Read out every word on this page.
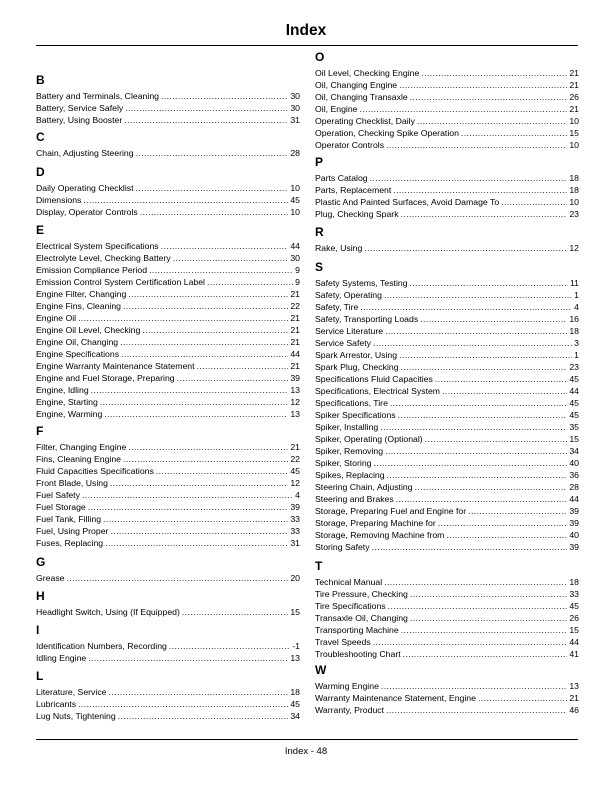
Index
B
Battery and Terminals, Cleaning .....	30
Battery, Service Safely .....	30
Battery, Using Booster .....	31
C
Chain, Adjusting Steering .....	28
D
Daily Operating Checklist .....	10
Dimensions .....	45
Display, Operator Controls .....	10
E
Electrical System Specifications .....	44
Electrolyte Level, Checking Battery .....	30
Emission Compliance Period .....	9
Emission Control System Certification Label .....	9
Engine Filter, Changing .....	21
Engine Fins, Cleaning .....	22
Engine Oil .....	21
Engine Oil Level, Checking .....	21
Engine Oil, Changing .....	21
Engine Specifications .....	44
Engine Warranty Maintenance Statement .....	21
Engine and Fuel Storage, Preparing .....	39
Engine, Idling .....	13
Engine, Starting .....	12
Engine, Warming .....	13
F
Filter, Changing Engine .....	21
Fins, Cleaning Engine .....	22
Fluid Capacities Specifications .....	45
Front Blade, Using .....	12
Fuel Safety .....	4
Fuel Storage .....	39
Fuel Tank, Filling .....	33
Fuel, Using Proper .....	33
Fuses, Replacing .....	31
G
Grease .....	20
H
Headlight Switch, Using (If Equipped) .....	15
I
Identification Numbers, Recording .....	-1
Idling Engine .....	13
L
Literature, Service .....	18
Lubricants .....	45
Lug Nuts, Tightening .....	34
O
Oil Level, Checking Engine .....	21
Oil, Changing Engine .....	21
Oil, Changing Transaxle .....	26
Oil, Engine .....	21
Operating Checklist, Daily .....	10
Operation, Checking Spike Operation .....	15
Operator Controls .....	10
P
Parts Catalog .....	18
Parts, Replacement .....	18
Plastic And Painted Surfaces, Avoid Damage To .....	10
Plug, Checking Spark .....	23
R
Rake, Using .....	12
S
Safety Systems, Testing .....	11
Safety, Operating .....	1
Safety, Tire .....	4
Safety, Transporting Loads .....	16
Service Literature .....	18
Service Safety .....	3
Spark Arrestor, Using .....	1
Spark Plug, Checking .....	23
Specifications Fluid Capacities .....	45
Specifications, Electrical System .....	44
Specifications, Tire .....	45
Spiker Specifications .....	45
Spiker, Installing .....	35
Spiker, Operating (Optional) .....	15
Spiker, Removing .....	34
Spiker, Storing .....	40
Spikes, Replacing .....	36
Steering Chain, Adjusting .....	28
Steering and Brakes .....	44
Storage, Preparing Fuel and Engine for .....	39
Storage, Preparing Machine for .....	39
Storage, Removing Machine from .....	40
Storing Safety .....	39
T
Technical Manual .....	18
Tire Pressure, Checking .....	33
Tire Specifications .....	45
Transaxle Oil, Changing .....	26
Transporting Machine .....	15
Travel Speeds .....	44
Troubleshooting Chart .....	41
W
Warming Engine .....	13
Warranty Maintenance Statement, Engine .....	21
Warranty, Product .....	46
Index - 48
